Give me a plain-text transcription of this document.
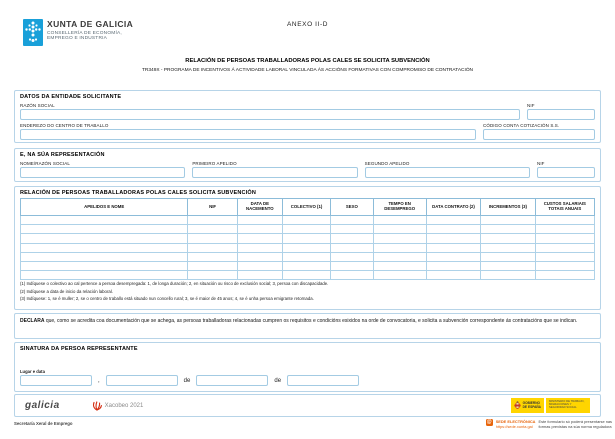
XUNTA DE GALICIA
CONSELLERÍA DE ECONOMÍA,
EMPREGO E INDUSTRIA
ANEXO II-D
RELACIÓN DE PERSOAS TRABALLADORAS POLAS CALES SE SOLICITA SUBVENCIÓN
TR349X - PROGRAMA DE INCENTIVOS Á ACTIVIDADE LABORAL VINCULADA ÁS ACCIÓNS FORMATIVAS CON COMPROMISO DE CONTRATACIÓN
DATOS DA ENTIDADE SOLICITANTE
RAZÓN SOCIAL	NIF
ENDEREZO DO CENTRO DE TRABALLO	CÓDIGO CONTA COTIZACIÓN S.S.
E, NA SÚA REPRESENTACIÓN
NOME/RAZÓN SOCIAL	PRIMEIRO APELIDO	SEGUNDO APELIDO	NIF
RELACIÓN DE PERSOAS TRABALLADORAS POLAS CALES SOLICITA SUBVENCIÓN
APELIDOS E NOME	NIF	DATA DE NACEMENTO	COLECTIVO (1)	SEXO	TEMPO EN DESEMPREGO	DATA CONTRATO (2)	INCREMENTOS (3)	CUSTOS SALARIAIS TOTAIS ANUAIS

(1) Indíquese o colectivo ao cal pertence a persoa desempregada: 1, de longa duración; 2, en situación ou risco de exclusión social; 3, persoa con discapacidade.
(2) Indíquese a data de inicio da relación laboral.
(3) Indíquese: 1, se é muller; 2, se o centro de traballo está situado nun concello rural; 3, se é maior de 45 anos; 4, se é unha persoa emigrante retornada.
DECLARA que, como se acredita coa documentación que se achega, as persoas traballadoras relacionadas cumpren os requisitos e condicións esixidos na orde de convocatoria, e solicita a subvención correspondente ás contratacións que se indican.
SINATURA DA PERSOA REPRESENTANTE
Lugar e data
,	de	de
galicia	Xacobeo 2021	GOBIERNO
DE ESPAÑA
MINISTERIO DE TRABAJO, MIGRACIONES Y SEGURIDAD SOCIAL
Secretaría Xeral de Emprego	@ SEDE ELECTRÓNICA
https://sede.xunta.gal
Este formulario só poderá presentarse nas
formas previstas na súa norma reguladora
